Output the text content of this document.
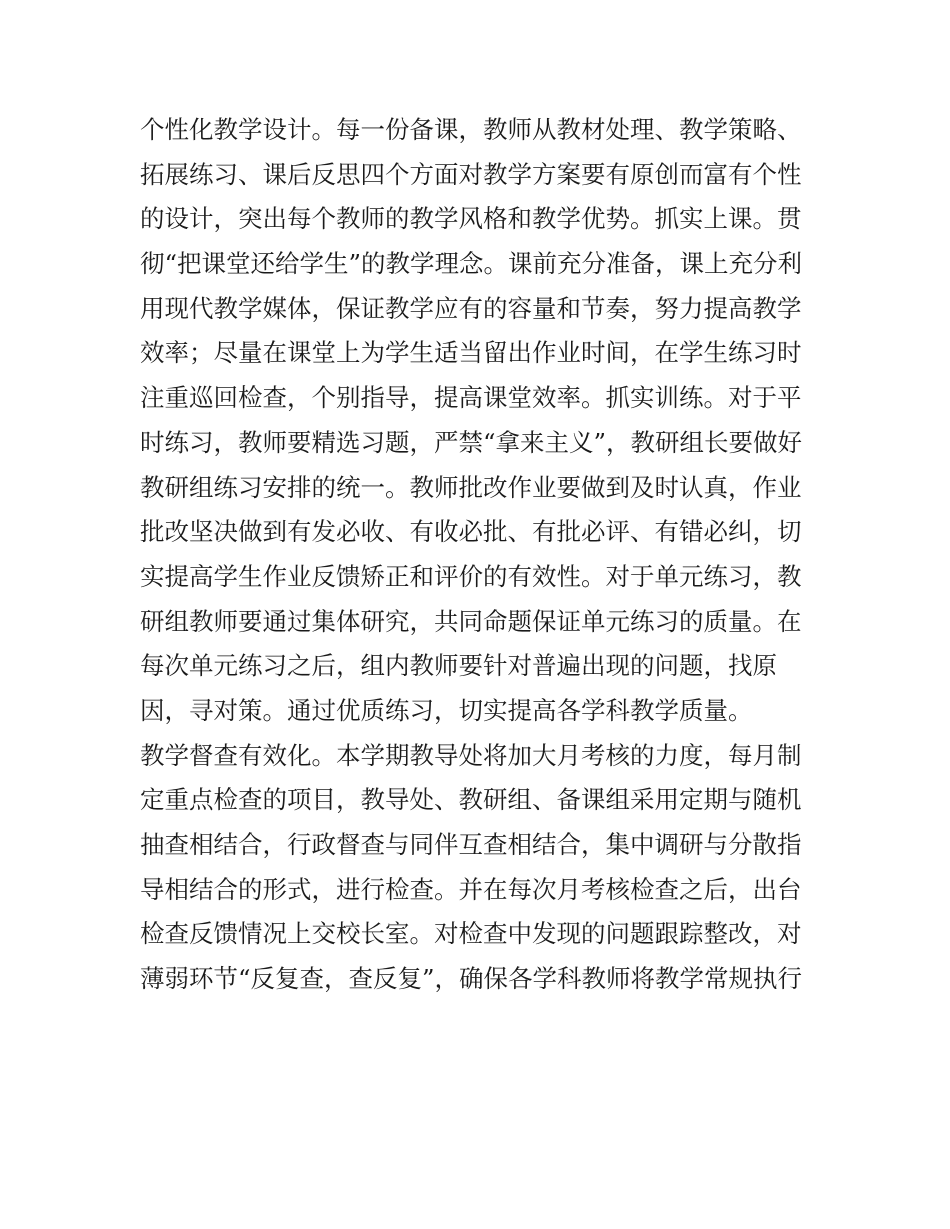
个性化教学设计。每一份备课，教师从教材处理、教学策略、
拓展练习、课后反思四个方面对教学方案要有原创而富有个性
的设计，突出每个教师的教学风格和教学优势。抓实上课。贯
彻“把课堂还给学生”的教学理念。课前充分准备，课上充分利
用现代教学媒体，保证教学应有的容量和节奏，努力提高教学
效率；尽量在课堂上为学生适当留出作业时间，在学生练习时
注重巡回检查，个别指导，提高课堂效率。抓实训练。对于平
时练习，教师要精选习题，严禁“拿来主义”，教研组长要做好
教研组练习安排的统一。教师批改作业要做到及时认真，作业
批改坚决做到有发必收、有收必批、有批必评、有错必纠，切
实提高学生作业反馈矫正和评价的有效性。对于单元练习，教
研组教师要通过集体研究，共同命题保证单元练习的质量。在
每次单元练习之后，组内教师要针对普遍出现的问题，找原
因，寻对策。通过优质练习，切实提高各学科教学质量。
教学督查有效化。本学期教导处将加大月考核的力度，每月制
定重点检查的项目，教导处、教研组、备课组采用定期与随机
抽查相结合，行政督查与同伴互查相结合，集中调研与分散指
导相结合的形式，进行检查。并在每次月考核检查之后，出台
检查反馈情况上交校长室。对检查中发现的问题跟踪整改，对
薄弱环节“反复查，查反复”，确保各学科教师将教学常规执行
